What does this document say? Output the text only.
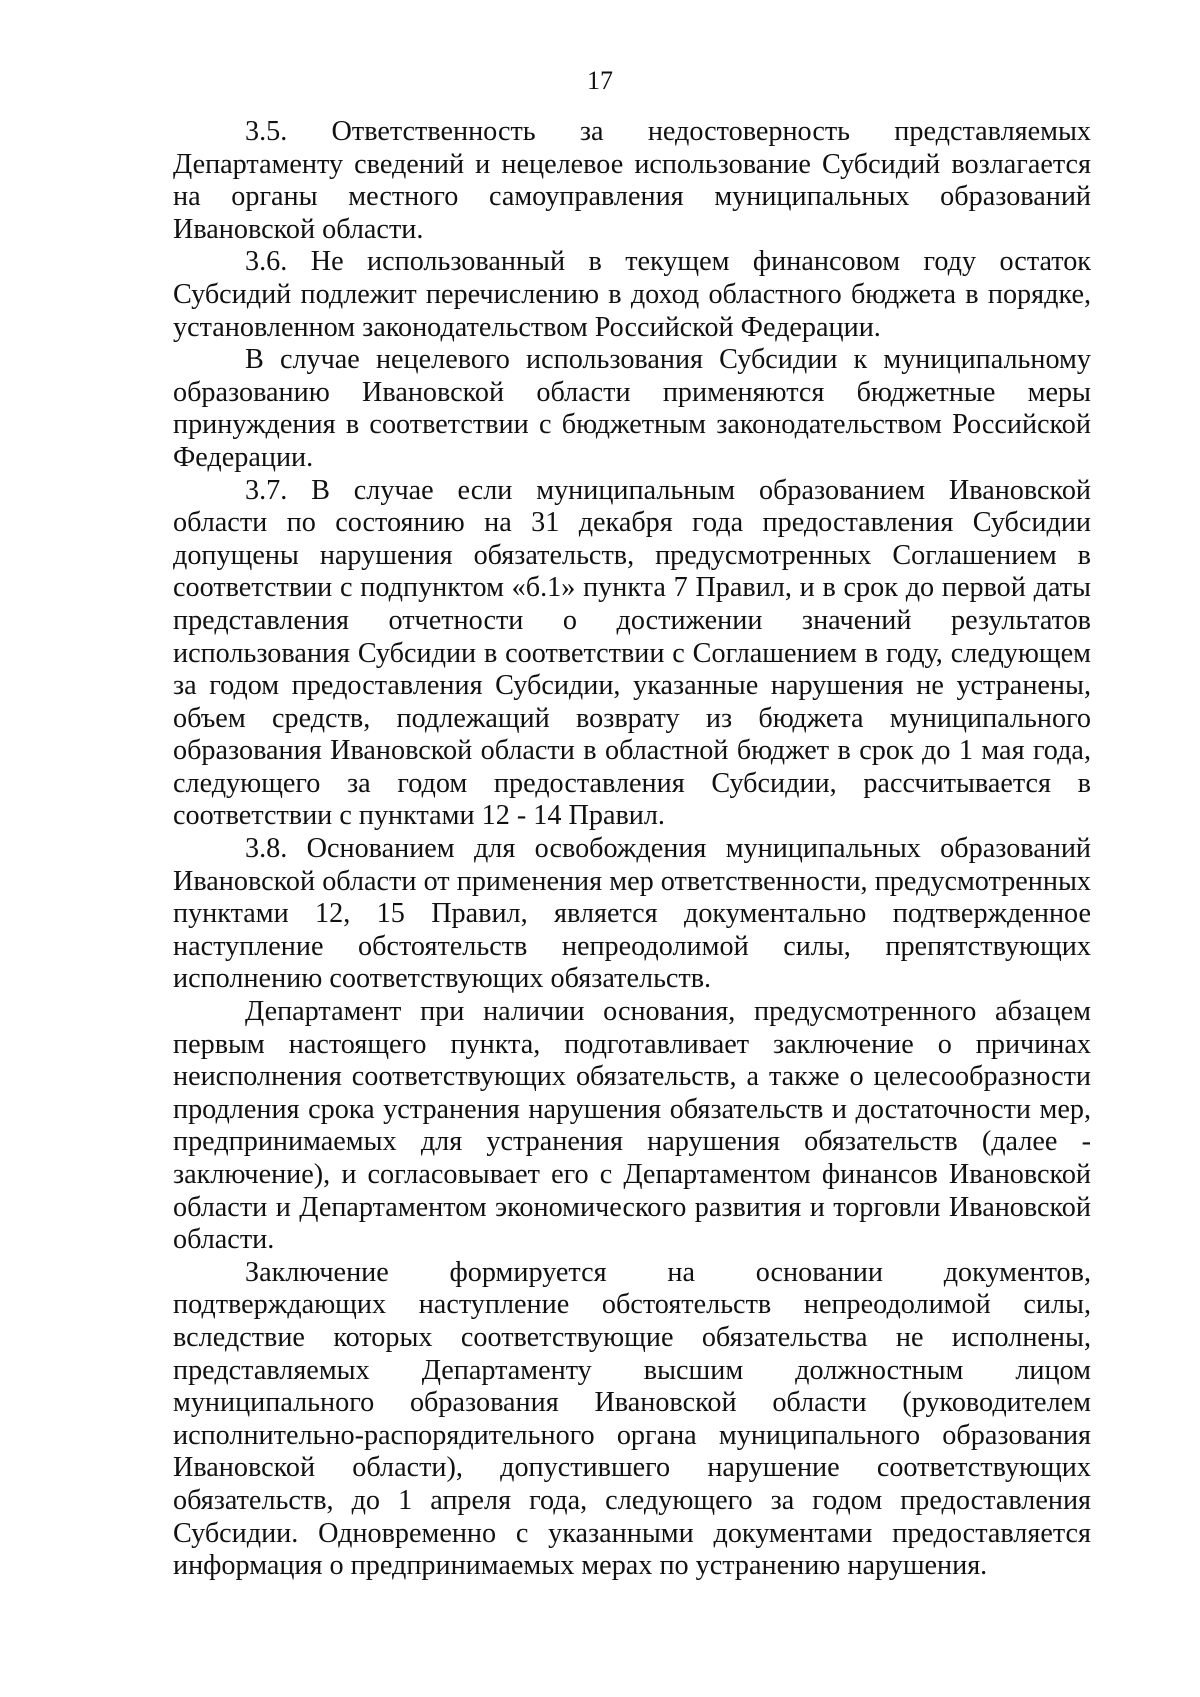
17

3.5. Ответственность за недостоверность представляемых Департаменту сведений и нецелевое использование Субсидий возлагается на органы местного самоуправления муниципальных образований Ивановской области.

3.6. Не использованный в текущем финансовом году остаток Субсидий подлежит перечислению в доход областного бюджета в порядке, установленном законодательством Российской Федерации.

В случае нецелевого использования Субсидии к муниципальному образованию Ивановской области применяются бюджетные меры принуждения в соответствии с бюджетным законодательством Российской Федерации.

3.7. В случае если муниципальным образованием Ивановской области по состоянию на 31 декабря года предоставления Субсидии допущены нарушения обязательств, предусмотренных Соглашением в соответствии с подпунктом «б.1» пункта 7 Правил, и в срок до первой даты представления отчетности о достижении значений результатов использования Субсидии в соответствии с Соглашением в году, следующем за годом предоставления Субсидии, указанные нарушения не устранены, объем средств, подлежащий возврату из бюджета муниципального образования Ивановской области в областной бюджет в срок до 1 мая года, следующего за годом предоставления Субсидии, рассчитывается в соответствии с пунктами 12 - 14 Правил.

3.8. Основанием для освобождения муниципальных образований Ивановской области от применения мер ответственности, предусмотренных пунктами 12, 15 Правил, является документально подтвержденное наступление обстоятельств непреодолимой силы, препятствующих исполнению соответствующих обязательств.

Департамент при наличии основания, предусмотренного абзацем первым настоящего пункта, подготавливает заключение о причинах неисполнения соответствующих обязательств, а также о целесообразности продления срока устранения нарушения обязательств и достаточности мер, предпринимаемых для устранения нарушения обязательств (далее - заключение), и согласовывает его с Департаментом финансов Ивановской области и Департаментом экономического развития и торговли Ивановской области.

Заключение формируется на основании документов, подтверждающих наступление обстоятельств непреодолимой силы, вследствие которых соответствующие обязательства не исполнены, представляемых Департаменту высшим должностным лицом муниципального образования Ивановской области (руководителем исполнительно-распорядительного органа муниципального образования Ивановской области), допустившего нарушение соответствующих обязательств, до 1 апреля года, следующего за годом предоставления Субсидии. Одновременно с указанными документами предоставляется информация о предпринимаемых мерах по устранению нарушения.
